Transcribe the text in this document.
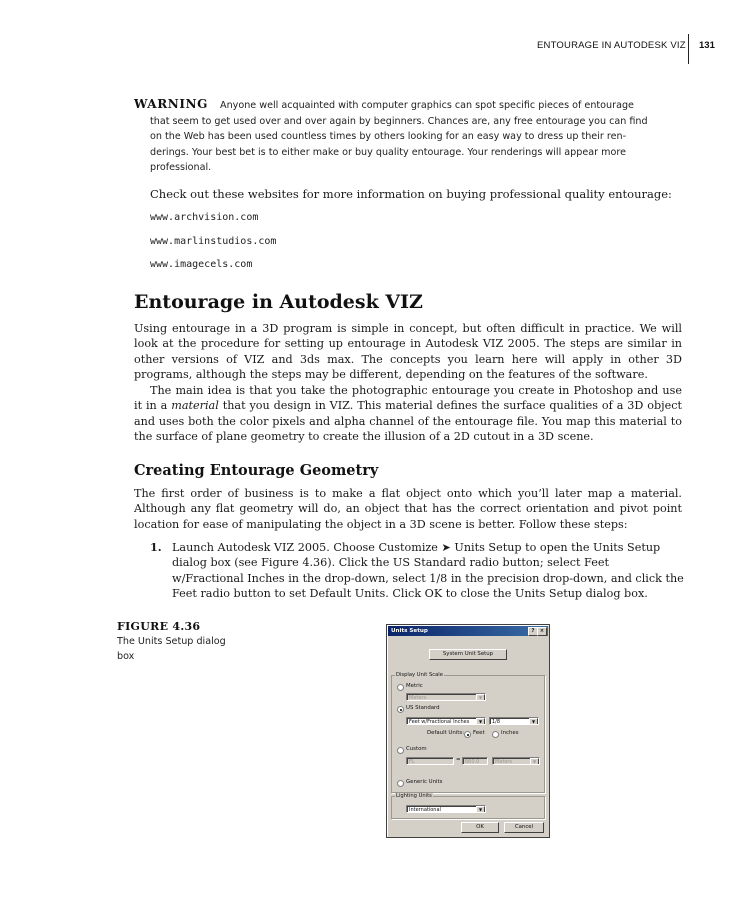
ENTOURAGE IN AUTODESK VIZ 131
WARNING Anyone well acquainted with computer graphics can spot specific pieces of entourage
that seem to get used over and over again by beginners. Chances are, any free entourage you can find
on the Web has been used countless times by others looking for an easy way to dress up their ren-
derings. Your best bet is to either make or buy quality entourage. Your renderings will appear more
professional.
Check out these websites for more information on buying professional quality entourage:
www.archvision.com
www.marlinstudios.com
www.imagecels.com
Entourage in Autodesk VIZ

Using entourage in a 3D program is simple in concept, but often difficult in practice. We will look at the procedure for setting up entourage in Autodesk VIZ 2005. The steps are similar in other versions of VIZ and 3ds max. The concepts you learn here will apply in other 3D programs, although the steps may be different, depending on the features of the software.

The main idea is that you take the photographic entourage you create in Photoshop and use it in a material that you design in VIZ. This material defines the surface qualities of a 3D object and uses both the color pixels and alpha channel of the entourage file. You map this material to the surface of plane geometry to create the illusion of a 2D cutout in a 3D scene.

Creating Entourage Geometry

The first order of business is to make a flat object onto which you’ll later map a material. Although any flat geometry will do, an object that has the correct orientation and pivot point location for ease of manipulating the object in a 3D scene is better. Follow these steps:

1. Launch Autodesk VIZ 2005. Choose Customize ➤ Units Setup to open the Units Setup dialog box (see Figure 4.36). Click the US Standard radio button; select Feet w/Fractional Inches in the drop-down, select 1/8 in the precision drop-down, and click the Feet radio button to set Default Units. Click OK to close the Units Setup dialog box.
FIGURE 4.36
The Units Setup dialog box
Units Setup	?	×
System Unit Setup
Display Unit Scale
Metric
Meters	▼
US Standard
Feet w/Fractional Inches	▼	1/8	▼
Default Units: Feet	Inches
Custom
FL	= 660.0	Meters	▼
Generic Units
Lighting Units
International	▼
OK	Cancel
